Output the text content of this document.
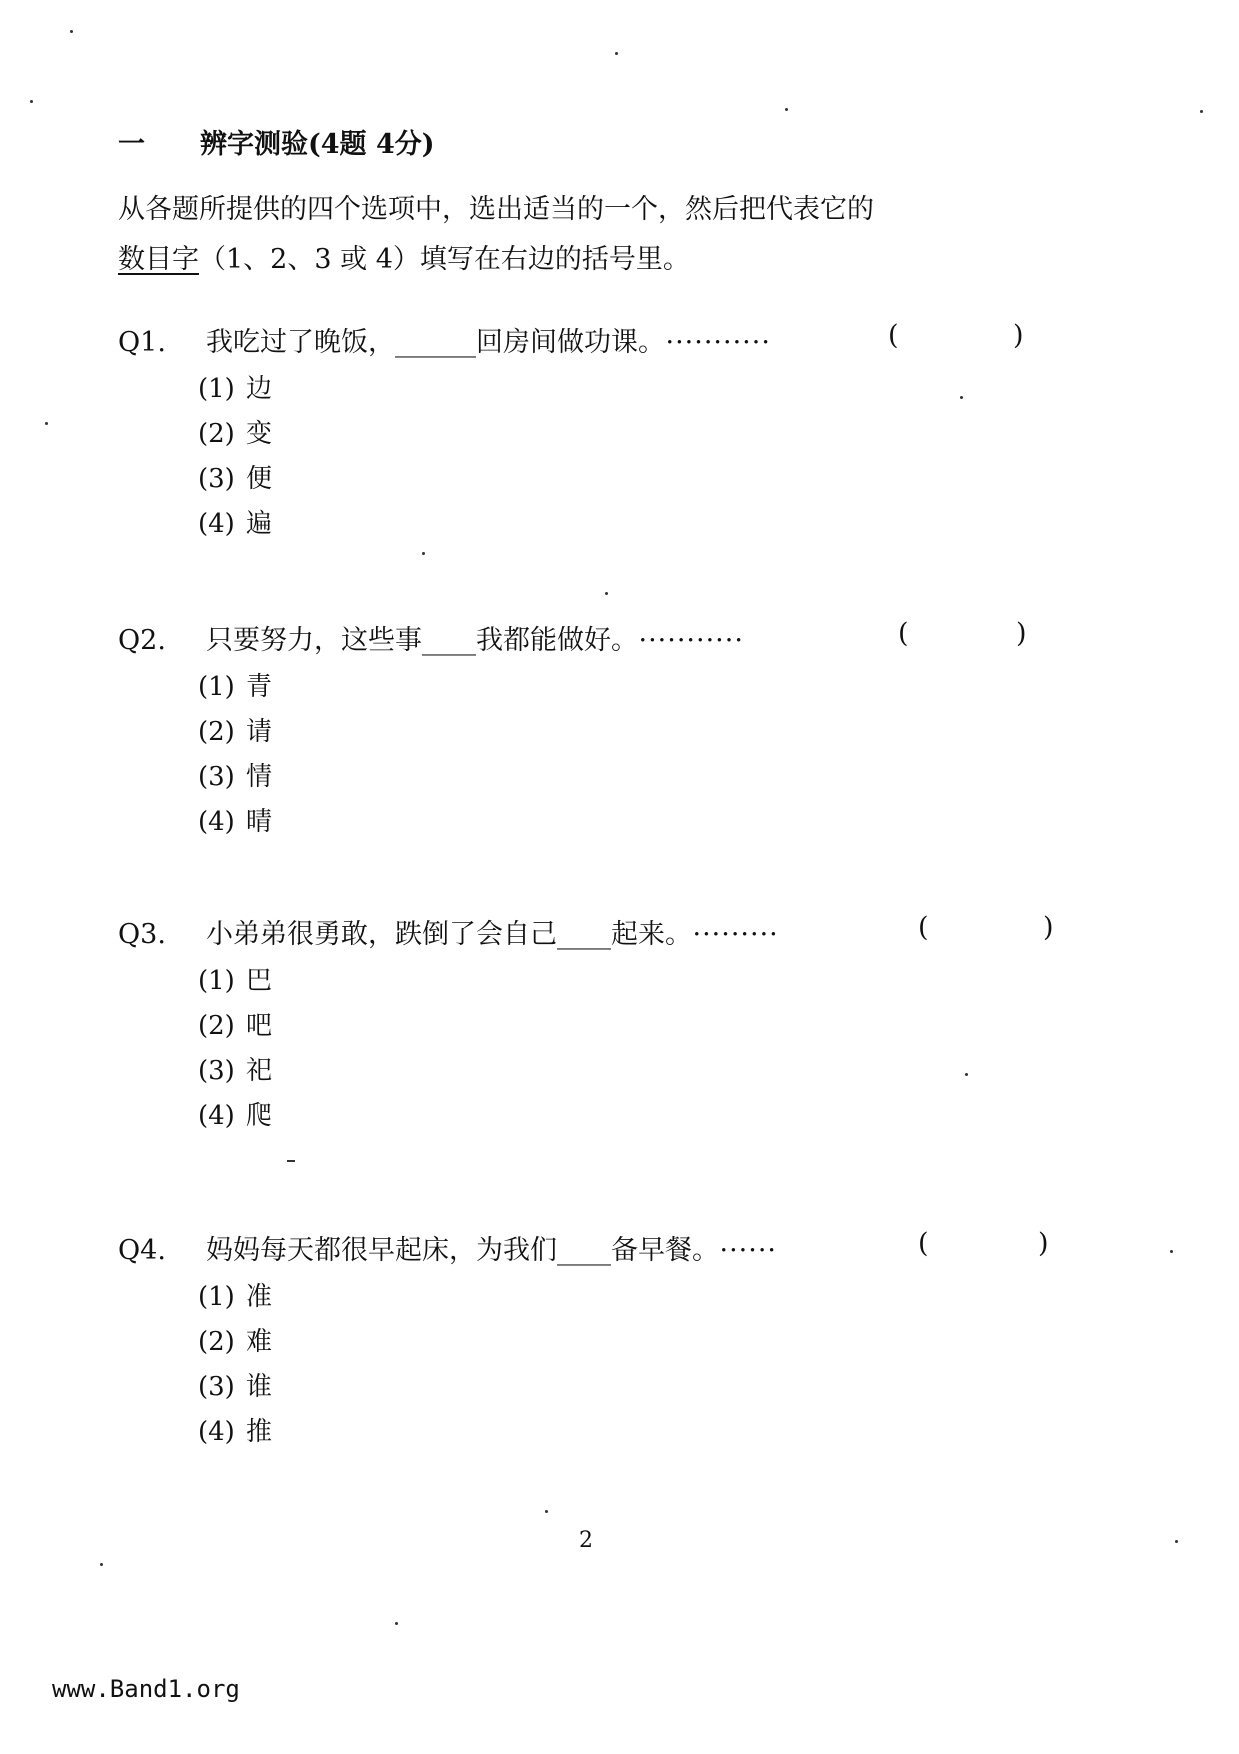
一 辨字测验(4题 4分)
从各题所提供的四个选项中，选出适当的一个，然后把代表它的
数目字（1、2、3 或 4）填写在右边的括号里。
Q1. 我吃过了晚饭，______回房间做功课。 ···········	(	)
(1) 边
(2) 变
(3) 便
(4) 遍
Q2. 只要努力，这些事____我都能做好。 ···········	(	)
(1) 青
(2) 请
(3) 情
(4) 晴
Q3. 小弟弟很勇敢，跌倒了会自己____起来。 ·········	(	)
(1) 巴
(2) 吧
(3) 祀
(4) 爬
Q4. 妈妈每天都很早起床，为我们____备早餐。 ······	(	)
(1) 准
(2) 难
(3) 谁
(4) 推
2
www.Band1.org
